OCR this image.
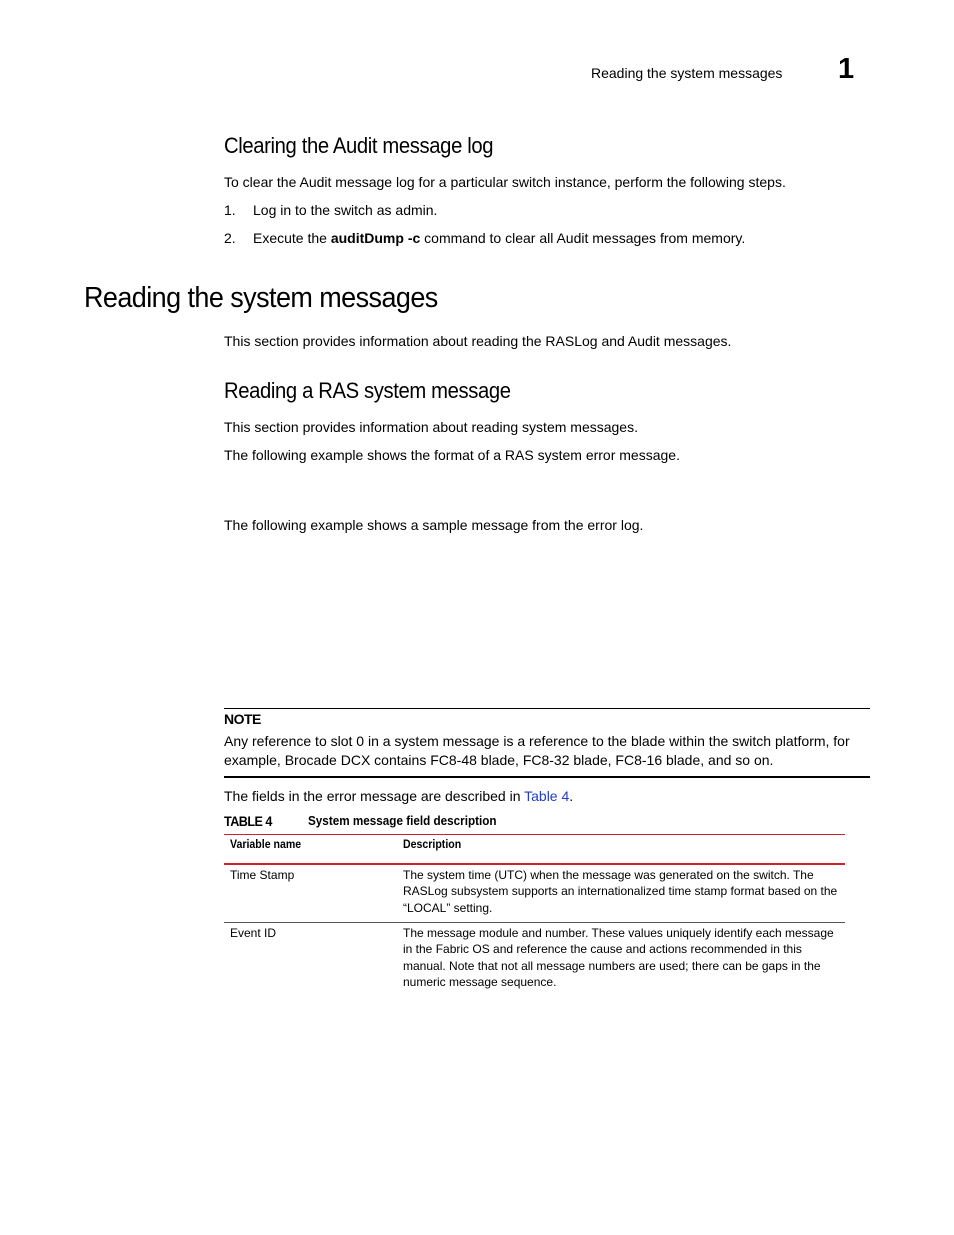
Reading the system messages 1
Clearing the Audit message log
To clear the Audit message log for a particular switch instance, perform the following steps.
1. Log in to the switch as admin.
2. Execute the auditDump -c command to clear all Audit messages from memory.
Reading the system messages
This section provides information about reading the RASLog and Audit messages.
Reading a RAS system message
This section provides information about reading system messages.
The following example shows the format of a RAS system error message.
The following example shows a sample message from the error log.
NOTE
Any reference to slot 0 in a system message is a reference to the blade within the switch platform, for example, Brocade DCX contains FC8-48 blade, FC8-32 blade, FC8-16 blade, and so on.
The fields in the error message are described in Table 4.
TABLE 4	System message field description
Variable name	Description
Time Stamp	The system time (UTC) when the message was generated on the switch. The RASLog subsystem supports an internationalized time stamp format based on the “LOCAL” setting.
Event ID	The message module and number. These values uniquely identify each message in the Fabric OS and reference the cause and actions recommended in this manual. Note that not all message numbers are used; there can be gaps in the numeric message sequence.
